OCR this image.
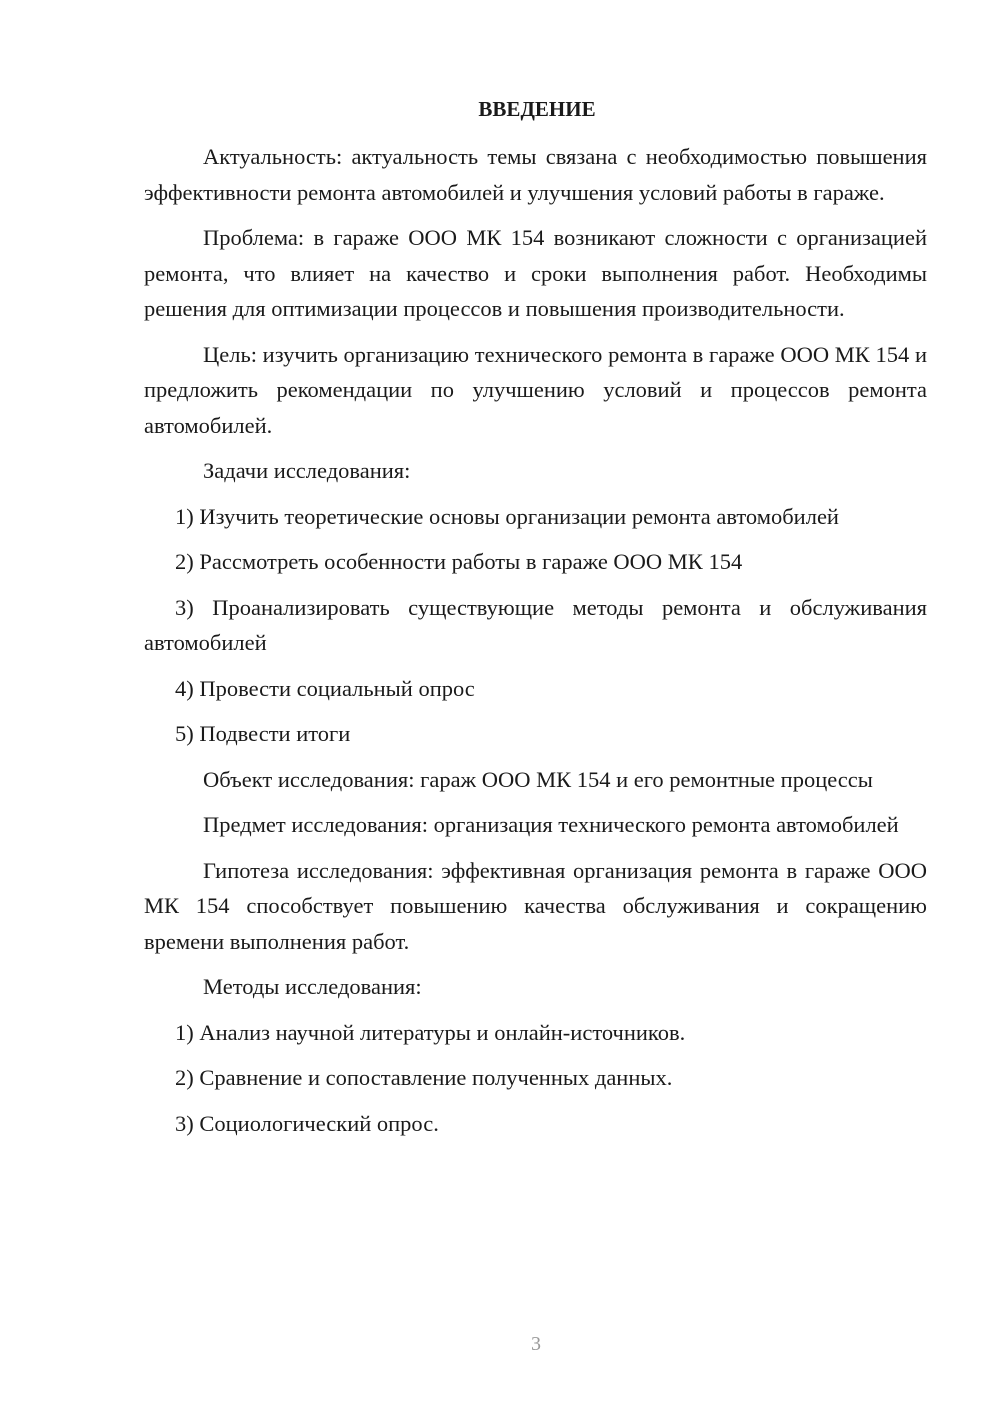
ВВЕДЕНИЕ

Актуальность: актуальность темы связана с необходимостью повышения эффективности ремонта автомобилей и улучшения условий работы в гараже.

Проблема: в гараже ООО МК 154 возникают сложности с организацией ремонта, что влияет на качество и сроки выполнения работ. Необходимы решения для оптимизации процессов и повышения производительности.

Цель: изучить организацию технического ремонта в гараже ООО МК 154 и предложить рекомендации по улучшению условий и процессов ремонта автомобилей.

Задачи исследования:

1) Изучить теоретические основы организации ремонта автомобилей

2) Рассмотреть особенности работы в гараже ООО МК 154

3) Проанализировать существующие методы ремонта и обслуживания автомобилей

4) Провести социальный опрос

5) Подвести итоги

Объект исследования: гараж ООО МК 154 и его ремонтные процессы

Предмет исследования: организация технического ремонта автомобилей

Гипотеза исследования: эффективная организация ремонта в гараже ООО МК 154 способствует повышению качества обслуживания и сокращению времени выполнения работ.

Методы исследования:

1) Анализ научной литературы и онлайн-источников.

2) Сравнение и сопоставление полученных данных.

3) Социологический опрос.

3
